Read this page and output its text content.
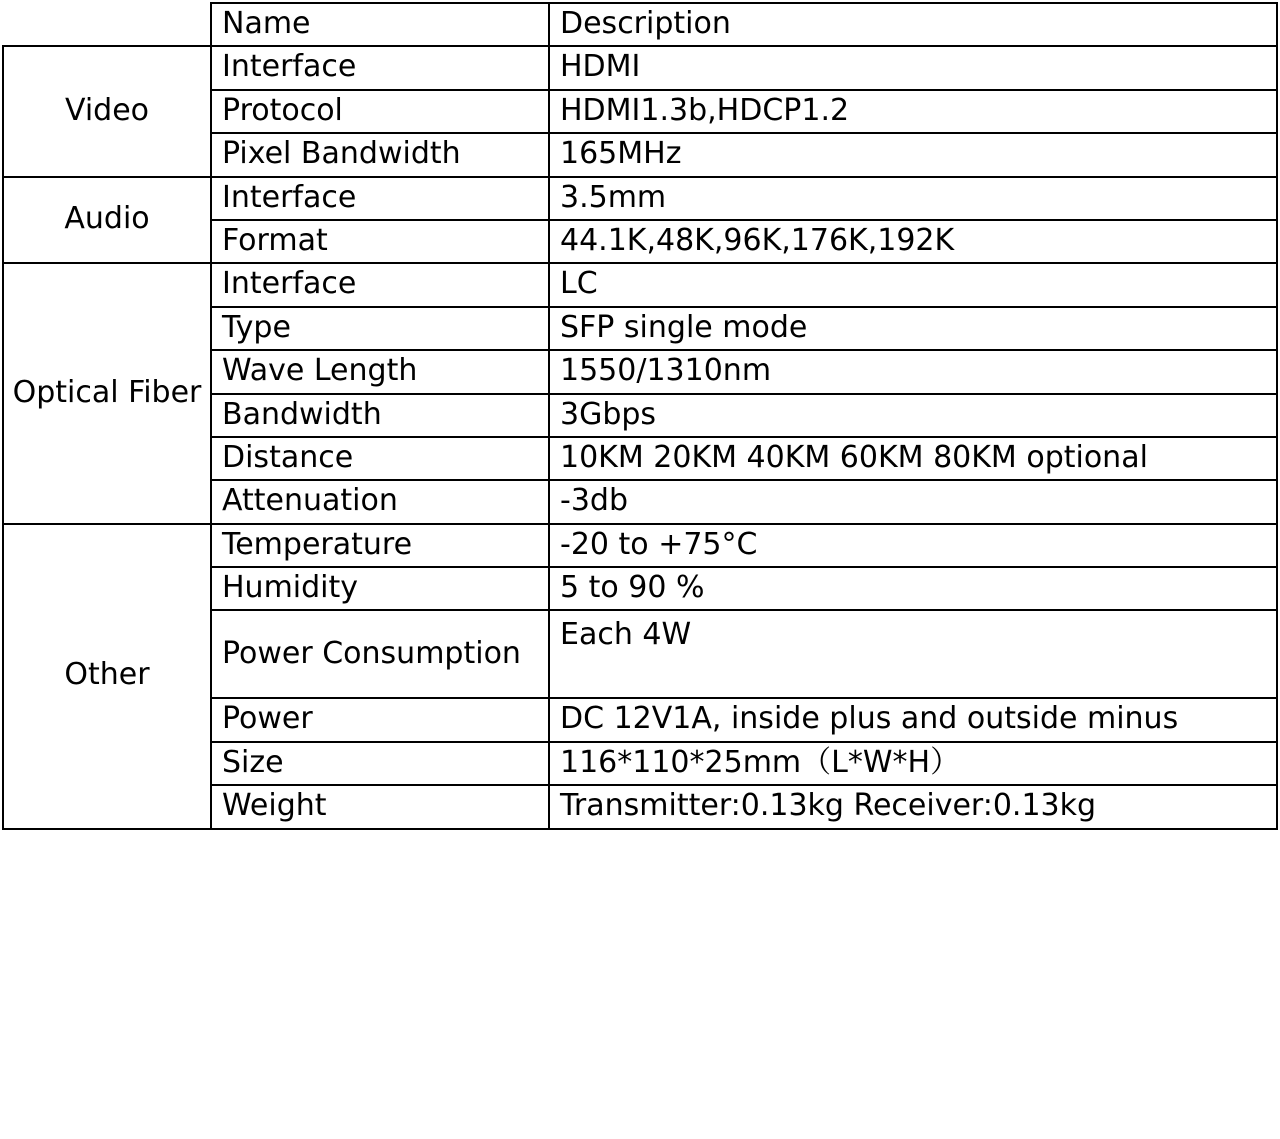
	Name	Description
Video	Interface	HDMI
	Protocol	HDMI1.3b,HDCP1.2
	Pixel Bandwidth	165MHz
Audio	Interface	3.5mm
	Format	44.1K,48K,96K,176K,192K
Optical Fiber	Interface	LC
	Type	SFP single mode
	Wave Length	1550/1310nm
	Bandwidth	3Gbps
	Distance	10KM 20KM 40KM 60KM 80KM optional
	Attenuation	-3db
Other	Temperature	-20 to +75°C
	Humidity	5 to 90 %
	Power Consumption	Each 4W
	Power	DC 12V1A, inside plus and outside minus
	Size	116*110*25mm（L*W*H）
	Weight	Transmitter:0.13kg Receiver:0.13kg
